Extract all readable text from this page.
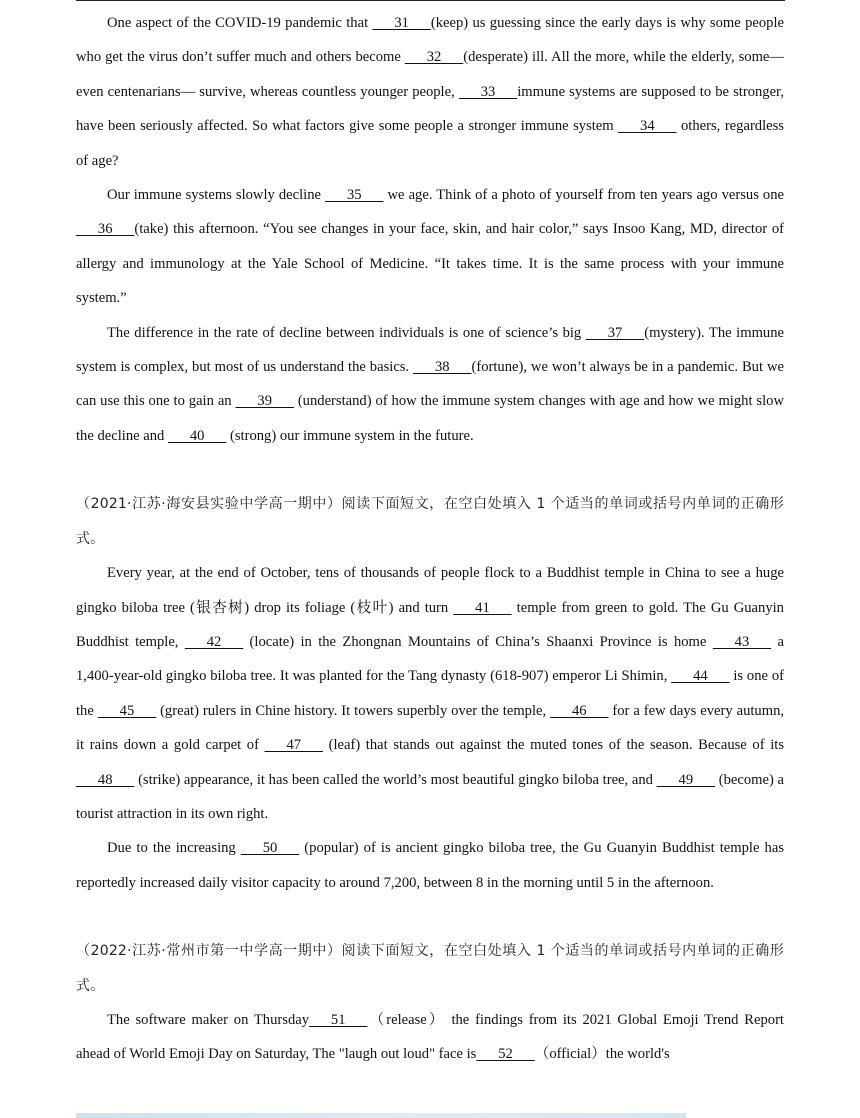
One aspect of the COVID-19 pandemic that   31  (keep) us guessing since the early days is why some people who get the virus don’t suffer much and others become   32  (desperate) ill. All the more, while the elderly, some—even centenarians— survive, whereas countless younger people,   33  immune systems are supposed to be stronger, have been seriously affected. So what factors give some people a stronger immune system   34   others, regardless of age?

Our immune systems slowly decline   35   we age. Think of a photo of yourself from ten years ago versus one   36  (take) this afternoon. “You see changes in your face, skin, and hair color,” says Insoo Kang, MD, director of allergy and immunology at the Yale School of Medicine. “It takes time. It is the same process with your immune system.”

The difference in the rate of decline between individuals is one of science’s big   37  (mystery). The immune system is complex, but most of us understand the basics.   38  (fortune), we won’t always be in a pandemic. But we can use this one to gain an   39   (understand) of how the immune system changes with age and how we might slow the decline and   40   (strong) our immune system in the future.

（2021·江苏·海安县实验中学高一期中）阅读下面短文，在空白处填入 1 个适当的单词或括号内单词的正确形式。

Every year, at the end of October, tens of thousands of people flock to a Buddhist temple in China to see a huge gingko biloba tree (银杏树) drop its foliage (枝叶) and turn   41   temple from green to gold. The Gu Guanyin Buddhist temple,   42   (locate) in the Zhongnan Mountains of China’s Shaanxi Province is home   43   a 1,400-year-old gingko biloba tree. It was planted for the Tang dynasty (618-907) emperor Li Shimin,   44   is one of the   45   (great) rulers in Chine history. It towers superbly over the temple,   46   for a few days every autumn, it rains down a gold carpet of   47   (leaf) that stands out against the muted tones of the season. Because of its   48   (strike) appearance, it has been called the world’s most beautiful gingko biloba tree, and   49   (become) a tourist attraction in its own right.

Due to the increasing   50   (popular) of is ancient gingko biloba tree, the Gu Guanyin Buddhist temple has reportedly increased daily visitor capacity to around 7,200, between 8 in the morning until 5 in the afternoon.

（2022·江苏·常州市第一中学高一期中）阅读下面短文，在空白处填入 1 个适当的单词或括号内单词的正确形式。

The software maker on Thursday  51  （release） the findings from its 2021 Global Emoji Trend Report ahead of World Emoji Day on Saturday, The "laugh out loud" face is  52  （official）the world's
